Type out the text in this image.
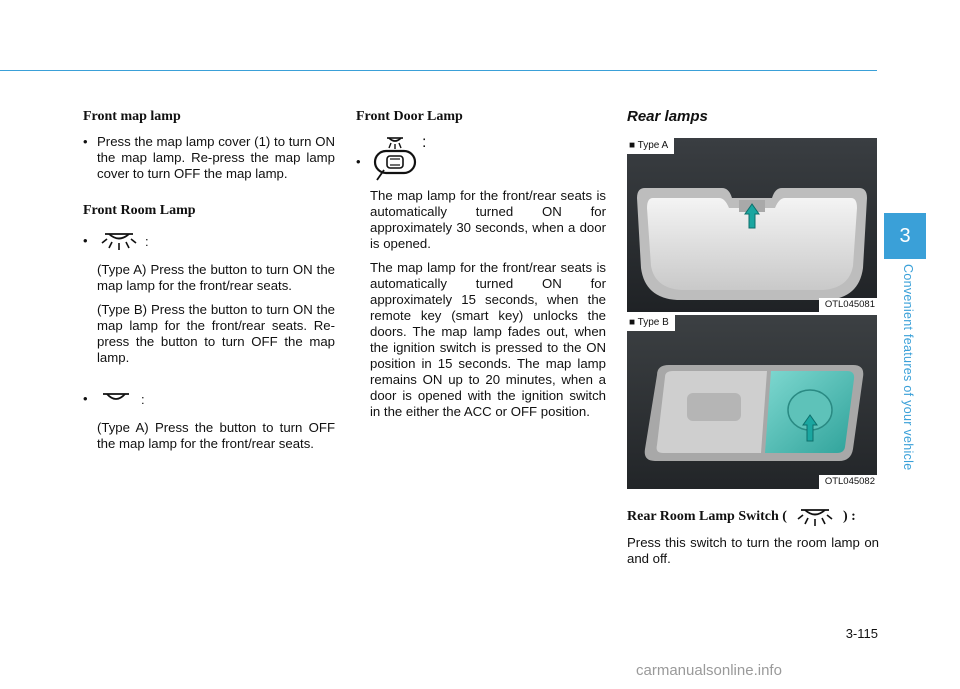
Front map lamp

• Press the map lamp cover (1) to turn ON the map lamp. Re-press the map lamp cover to turn OFF the map lamp.

Front Room Lamp
•	:

(Type A) Press the button to turn ON the map lamp for the front/rear seats.

(Type B) Press the button to turn ON the map lamp for the front/rear seats. Re-press the button to turn OFF the map lamp.

•	:

(Type A) Press the button to turn OFF the map lamp for the front/rear seats.

Front Door Lamp
•
:

The map lamp for the front/rear seats is automatically turned ON for approximately 30 seconds, when a door is opened.

The map lamp for the front/rear seats is automatically turned ON for approximately 15 seconds, when the remote key (smart key) unlocks the doors. The map lamp fades out, when the ignition switch is pressed to the ON position in 15 seconds. The map lamp remains ON up to 20 minutes, when a door is opened with the ignition switch in the either the ACC or OFF position.

Rear lamps
■ Type A
OTL045081
■ Type B
OTL045082
Rear Room Lamp Switch (	) :

Press this switch to turn the room lamp on and off.

3
Convenient features of your vehicle
3-115
carmanualsonline.info
